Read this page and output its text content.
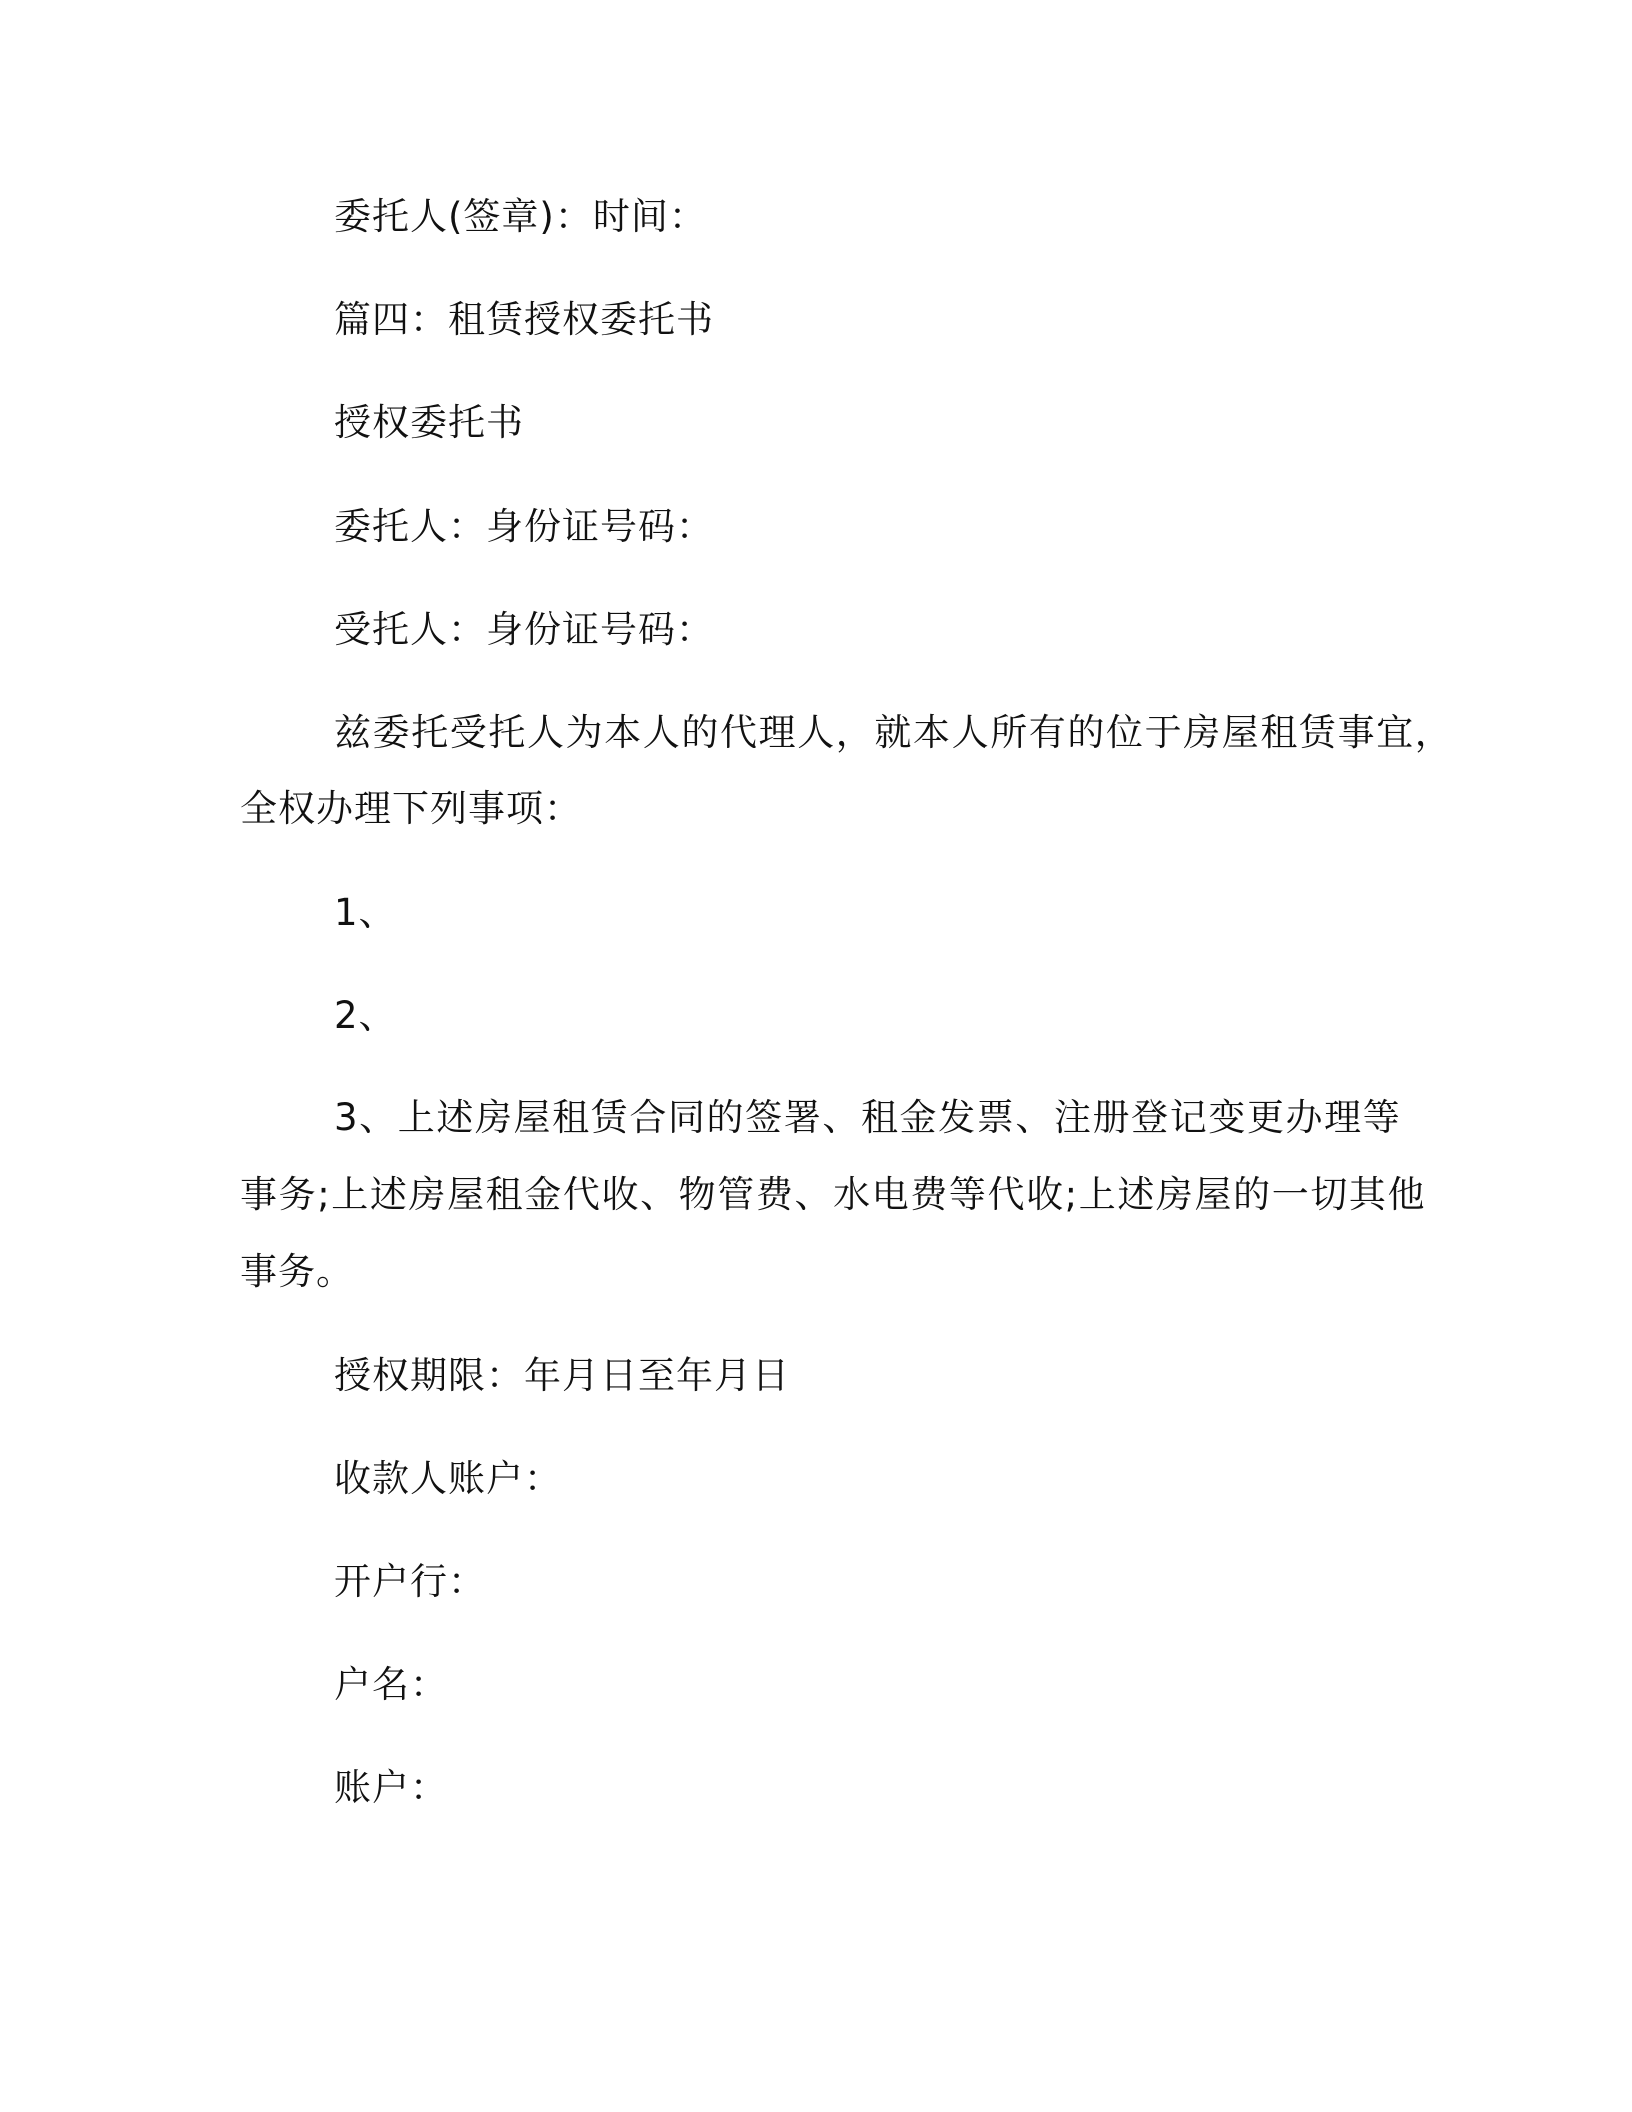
委托人(签章)：时间：
篇四：租赁授权委托书
授权委托书
委托人：身份证号码：
受托人：身份证号码：
兹委托受托人为本人的代理人，就本人所有的位于房屋租赁事宜，
全权办理下列事项：
1、
2、
3、上述房屋租赁合同的签署、租金发票、注册登记变更办理等
事务;上述房屋租金代收、物管费、水电费等代收;上述房屋的一切其他
事务。
授权期限：年月日至年月日
收款人账户：
开户行：
户名：
账户：
